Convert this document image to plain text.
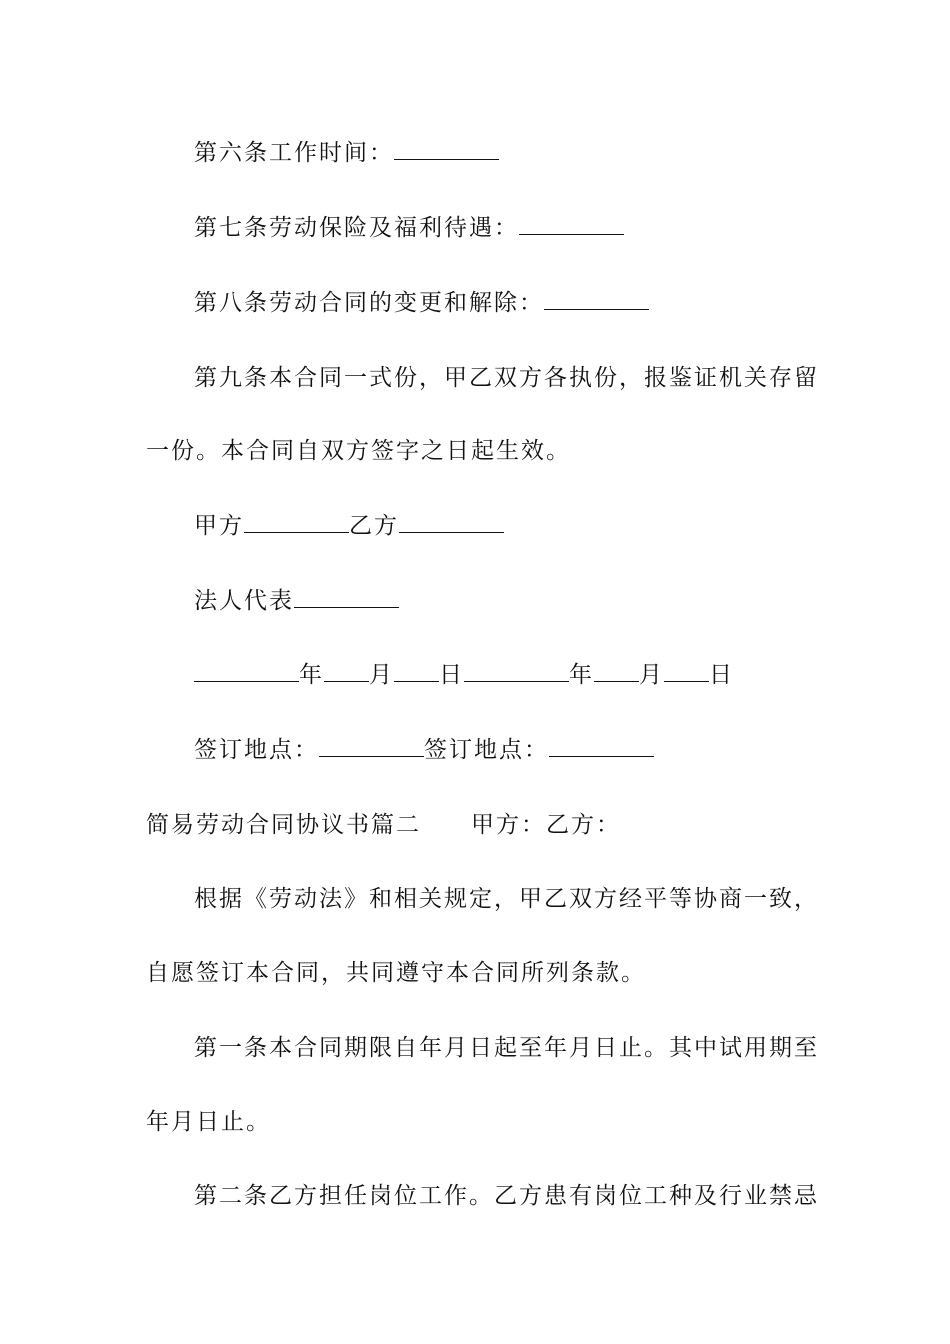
第六条工作时间：
第七条劳动保险及福利待遇：
第八条劳动合同的变更和解除：
第九条本合同一式份，甲乙双方各执份，报鉴证机关存留
一份。本合同自双方签字之日起生效。
甲方	乙方
法人代表
年 月 日	年 月 日
签订地点：	签订地点：
简易劳动合同协议书篇二 甲方：乙方：
根据《劳动法》和相关规定，甲乙双方经平等协商一致，
自愿签订本合同，共同遵守本合同所列条款。
第一条本合同期限自年月日起至年月日止。其中试用期至
年月日止。
第二条乙方担任岗位工作。乙方患有岗位工种及行业禁忌
